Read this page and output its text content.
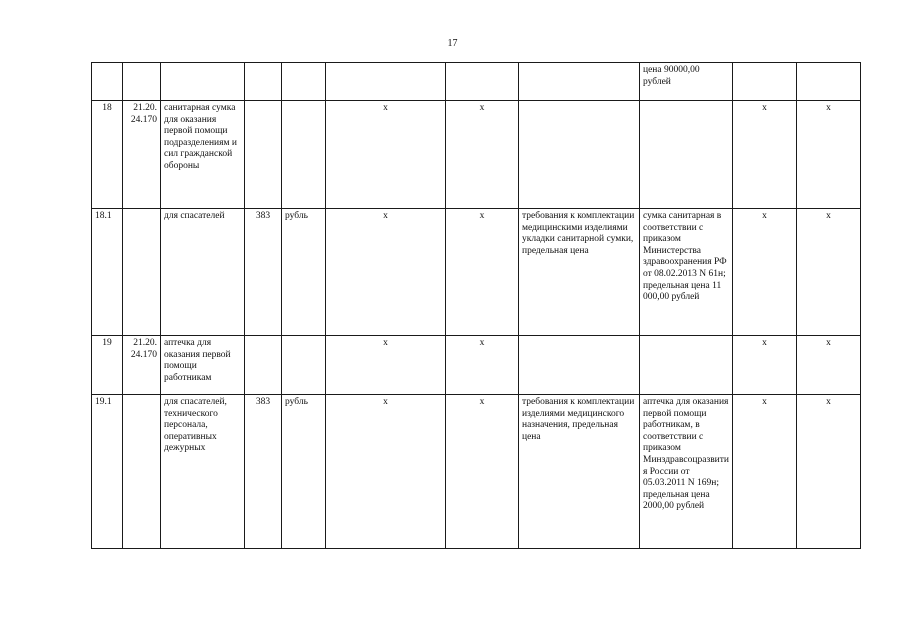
17
								цена 90000,00 рублей		
18	21.20. 24.170	санитарная сумка для оказания первой помощи подразделениям и сил гражданской обороны			x	x			x	x
18.1		для спасателей	383	рубль	x	x	требования к комплектации медицинскими изделиями укладки санитарной сумки, предельная цена	сумка санитарная в соответствии с приказом Министерства здравоохранения РФ от 08.02.2013 N 61н; предельная цена 11 000,00 рублей	x	x
19	21.20. 24.170	аптечка для оказания первой помощи работникам			x	x			x	x
19.1		для спасателей, технического персонала, оперативных дежурных	383	рубль	x	x	требования к комплектации изделиями медицинского назначения, предельная цена	аптечка для оказания первой помощи работникам, в соответствии с приказом Минздравсоцразвития России от 05.03.2011 N 169н; предельная цена 2000,00 рублей	x	x
